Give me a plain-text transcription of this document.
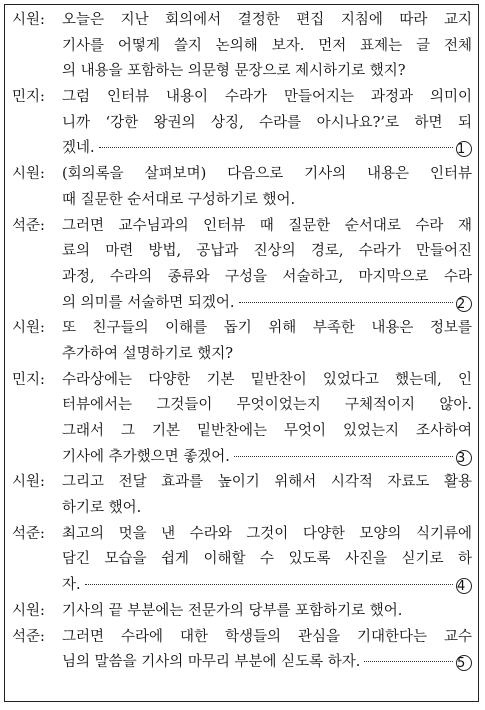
시원:	오늘은 지난 회의에서 결정한 편집 지침에 따라 교지
기사를 어떻게 쓸지 논의해 보자. 먼저 표제는 글 전체
의 내용을 포함하는 의문형 문장으로 제시하기로 했지?
민지:	그럼 인터뷰 내용이 수라가 만들어지는 과정과 의미이
니까 ‘강한 왕권의 상징, 수라를 아시나요?’로 하면 되
겠네.	1
시원:	(회의록을 살펴보며) 다음으로 기사의 내용은 인터뷰
때 질문한 순서대로 구성하기로 했어.
석준:	그러면 교수님과의 인터뷰 때 질문한 순서대로 수라 재
료의 마련 방법, 공납과 진상의 경로, 수라가 만들어진
과정, 수라의 종류와 구성을 서술하고, 마지막으로 수라
의 의미를 서술하면 되겠어.	2
시원:	또 친구들의 이해를 돕기 위해 부족한 내용은 정보를
추가하여 설명하기로 했지?
민지:	수라상에는 다양한 기본 밑반찬이 있었다고 했는데, 인
터뷰에서는 그것들이 무엇이었는지 구체적이지 않아.
그래서 그 기본 밑반찬에는 무엇이 있었는지 조사하여
기사에 추가했으면 좋겠어.	3
시원:	그리고 전달 효과를 높이기 위해서 시각적 자료도 활용
하기로 했어.
석준:	최고의 멋을 낸 수라와 그것이 다양한 모양의 식기류에
담긴 모습을 쉽게 이해할 수 있도록 사진을 싣기로 하
자.	4
시원:	기사의 끝 부분에는 전문가의 당부를 포함하기로 했어.
석준:	그러면 수라에 대한 학생들의 관심을 기대한다는 교수
님의 말씀을 기사의 마무리 부분에 싣도록 하자.	5
